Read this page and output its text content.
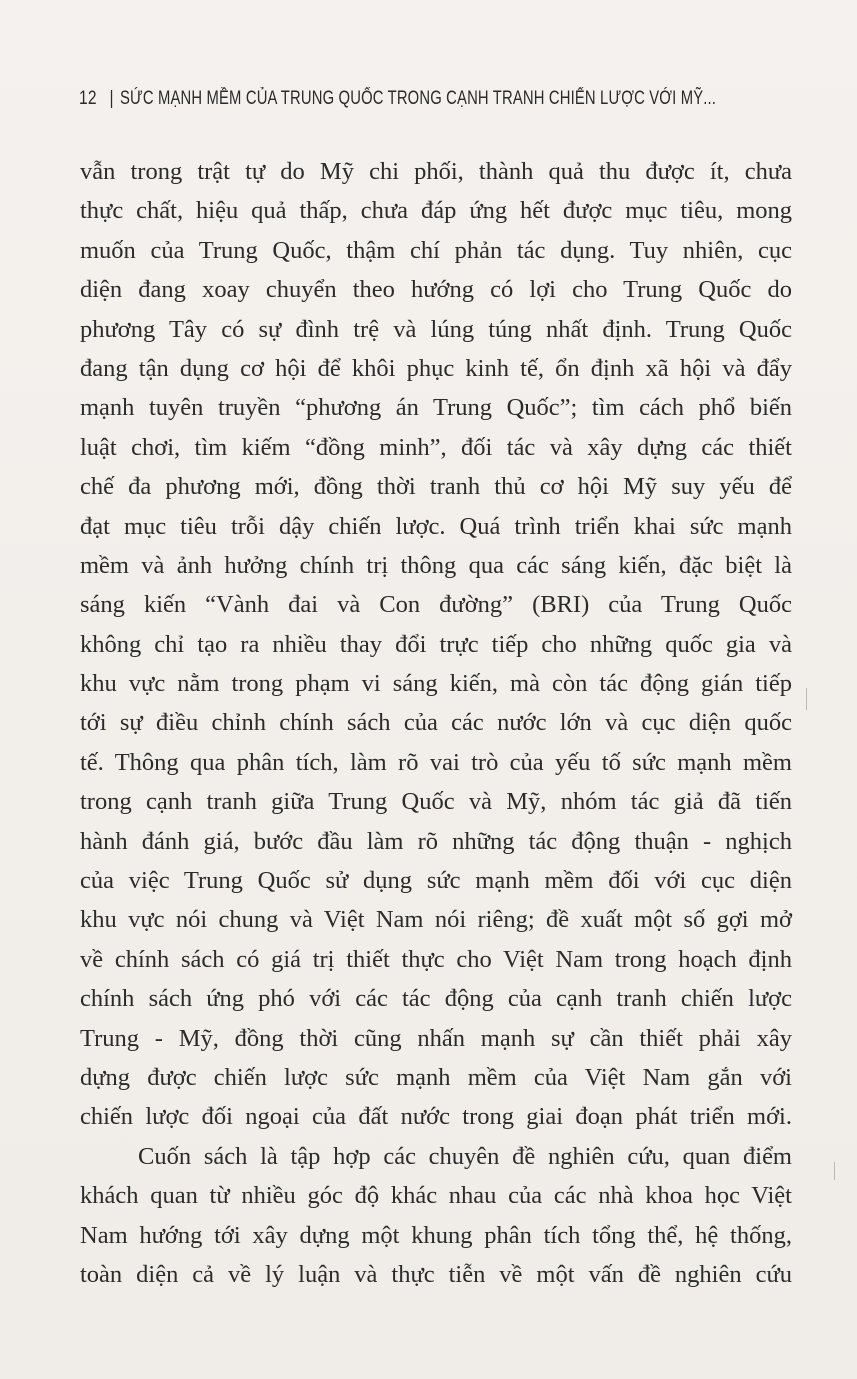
12 | SỨC MẠNH MỀM CỦA TRUNG QUỐC TRONG CẠNH TRANH CHIẾN LƯỢC VỚI MỸ...
vẫn trong trật tự do Mỹ chi phối, thành quả thu được ít, chưa
thực chất, hiệu quả thấp, chưa đáp ứng hết được mục tiêu, mong
muốn của Trung Quốc, thậm chí phản tác dụng. Tuy nhiên, cục
diện đang xoay chuyển theo hướng có lợi cho Trung Quốc do
phương Tây có sự đình trệ và lúng túng nhất định. Trung Quốc
đang tận dụng cơ hội để khôi phục kinh tế, ổn định xã hội và đẩy
mạnh tuyên truyền “phương án Trung Quốc”; tìm cách phổ biến
luật chơi, tìm kiếm “đồng minh”, đối tác và xây dựng các thiết
chế đa phương mới, đồng thời tranh thủ cơ hội Mỹ suy yếu để
đạt mục tiêu trỗi dậy chiến lược. Quá trình triển khai sức mạnh
mềm và ảnh hưởng chính trị thông qua các sáng kiến, đặc biệt là
sáng kiến “Vành đai và Con đường” (BRI) của Trung Quốc
không chỉ tạo ra nhiều thay đổi trực tiếp cho những quốc gia và
khu vực nằm trong phạm vi sáng kiến, mà còn tác động gián tiếp
tới sự điều chỉnh chính sách của các nước lớn và cục diện quốc
tế. Thông qua phân tích, làm rõ vai trò của yếu tố sức mạnh mềm
trong cạnh tranh giữa Trung Quốc và Mỹ, nhóm tác giả đã tiến
hành đánh giá, bước đầu làm rõ những tác động thuận - nghịch
của việc Trung Quốc sử dụng sức mạnh mềm đối với cục diện
khu vực nói chung và Việt Nam nói riêng; đề xuất một số gợi mở
về chính sách có giá trị thiết thực cho Việt Nam trong hoạch định
chính sách ứng phó với các tác động của cạnh tranh chiến lược
Trung - Mỹ, đồng thời cũng nhấn mạnh sự cần thiết phải xây
dựng được chiến lược sức mạnh mềm của Việt Nam gắn với
chiến lược đối ngoại của đất nước trong giai đoạn phát triển mới.
Cuốn sách là tập hợp các chuyên đề nghiên cứu, quan điểm
khách quan từ nhiều góc độ khác nhau của các nhà khoa học Việt
Nam hướng tới xây dựng một khung phân tích tổng thể, hệ thống,
toàn diện cả về lý luận và thực tiễn về một vấn đề nghiên cứu
